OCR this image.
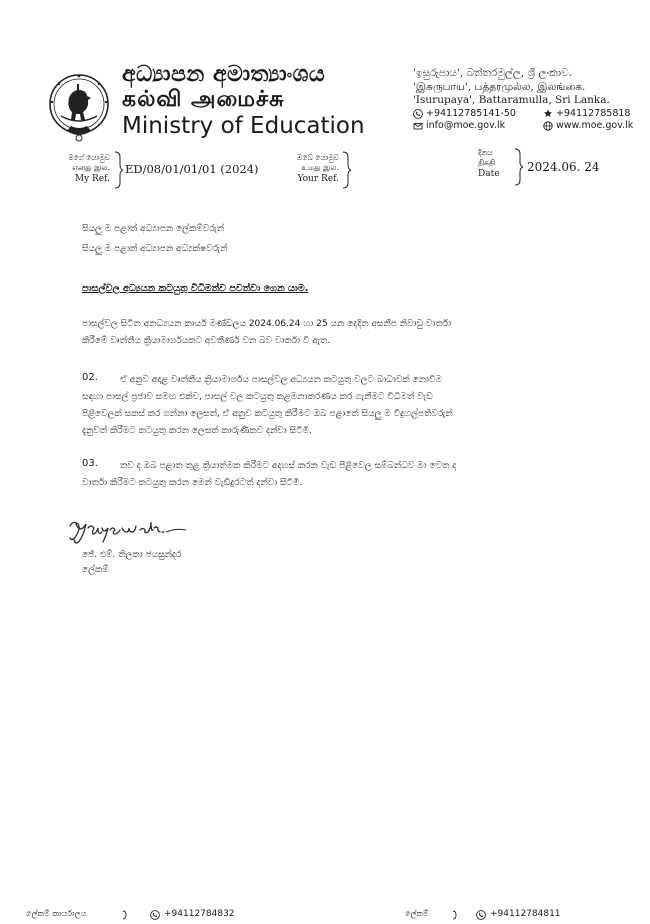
අධ්‍යාපන අමාත්‍යාංශය
கல்வி அமைச்சு
Ministry of Education
'ඉසුරුපාය', බත්තරමුල්ල, ශ්‍රී ලංකාව.
'இசுருபாய', பத்தரமுல்ல, இலங்கை.
'Isurupaya', Battaramulla, Sri Lanka.
+94112785141-50	+94112785818
info@moe.gov.lk	www.moe.gov.lk
මගේ යොමුව
எனது இல.
My Ref.
ED/08/01/01/01 (2024)
ඔබේ යොමුව
உமது இல.
Your Ref.
දිනය
திகதி
Date	2024.06. 24
සියලු ම පළාත් අධ්‍යාපන ලේකම්වරුන්
සියලු ම පළාත් අධ්‍යාපන අධ්‍යක්ෂවරුන්
පාසල්වල අධ්‍යයන කටයුතු විධිමත්ව පවත්වා ගෙන යාම.
පාසල්වල සිටින අනධ්‍යයන කාර්ය මණ්ඩලය 2024.06.24 හා 25 යන දෙදින අසනීප නිවාඩු වාර්තා
කිරීමේ වෘත්තීය ක්‍රියාමාර්ගයකට අවතීර්ණ වන බව වාර්තා වී ඇත.
02.	ඒ අනුව අදාළ වෘත්තීය ක්‍රියාමාර්ගය පාසල්වල අධ්‍යයන කටයුතු වලට බාධාවක් නොවීම
සඳහා පාසල් ප්‍රජාව සමඟ එක්ව, පාසල් වල කටයුතු කළමනාකරණය කර ගැනීමට විධිමත් වැඩ
පිළිවෙලක් සකස් කර ගන්නා ලෙසත්, ඒ අනුව කටයුතු කිරීමට ඔබ පළාතේ සියලු ම විදුහල්පතිවරුන්
දැනුවත් කිරීමට කටයුතු කරන ලෙසත් කාරුණිකව දන්වා සිටිමි.
03.	තව ද ඔබ පළාත තුළ ක්‍රියාත්මක කිරීමට අදහස් කරන වැඩ පිළිවෙල සම්බන්ධව මා වෙත ද
වාර්තා කිරීමට කටයුතු කරන මෙන් වැඩිදුරටත් දන්වා සිටිමි.
ජේ. එම්. තිලකා ජයසුන්දර
ලේකම්
ලේකම් කාර්යාලය	+94112784832	ලේකම්	+94112784811
